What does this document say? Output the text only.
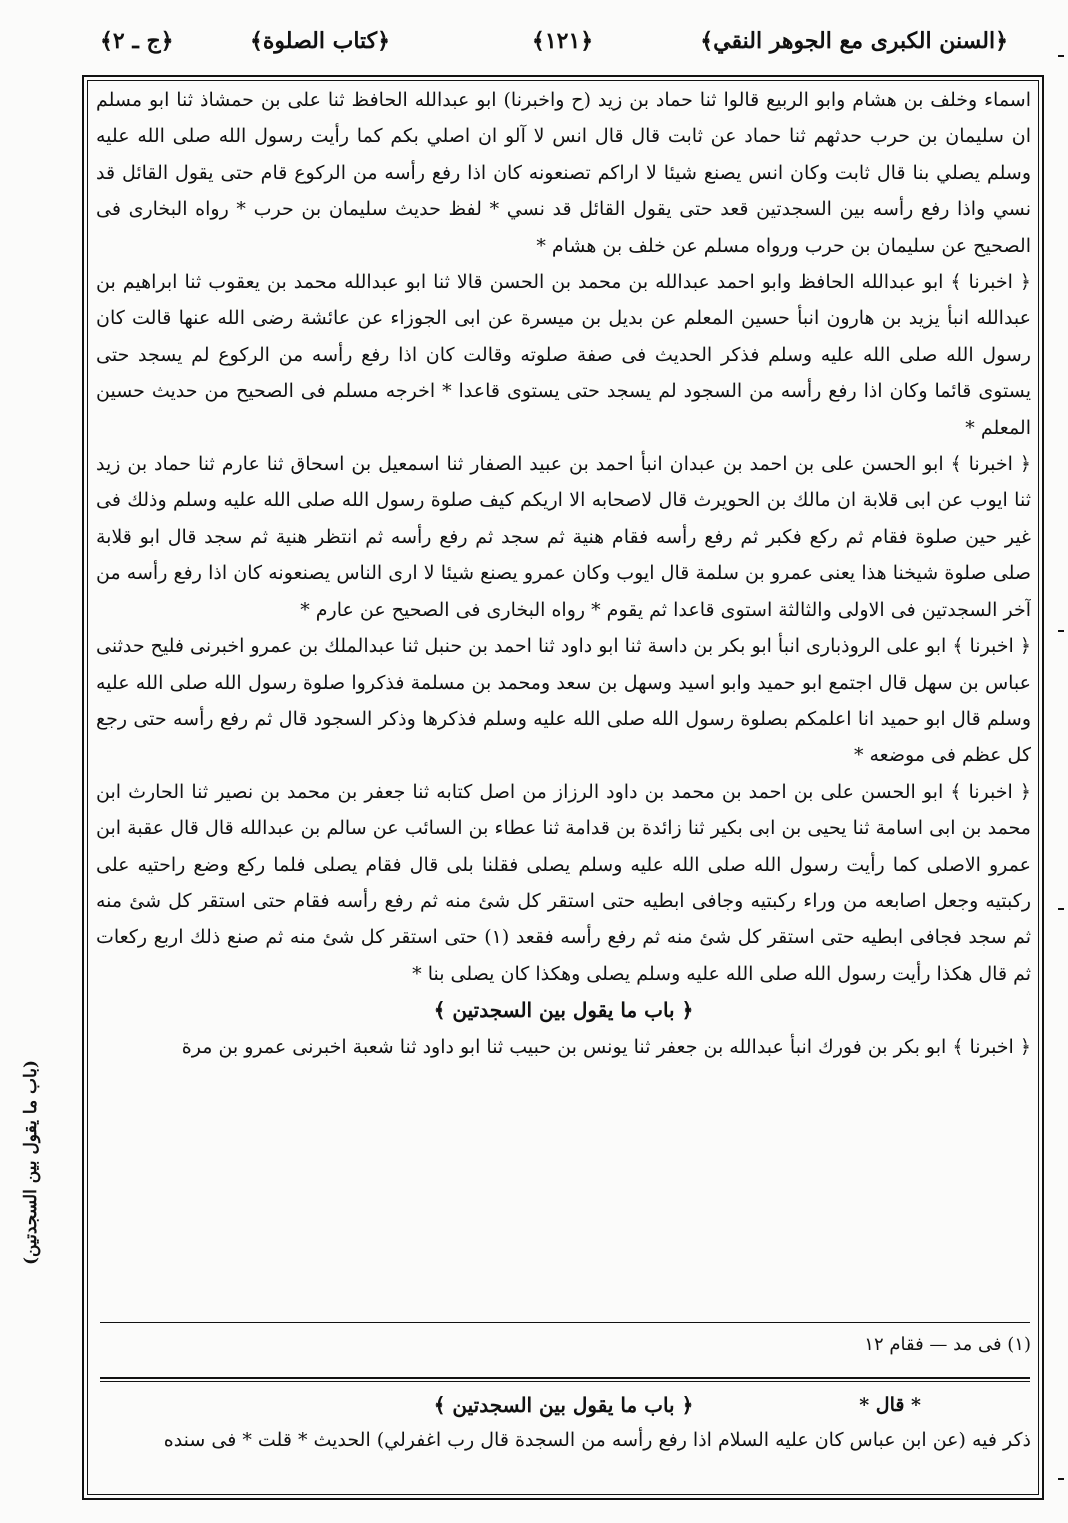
﴿السنن الكبرى مع الجوهر النقي﴾
﴿١٢١﴾
﴿كتاب الصلوة﴾
﴿ج ـ ٢﴾

اسماء وخلف بن هشام وابو الربيع قالوا ثنا حماد بن زيد (ح واخبرنا) ابو عبدالله الحافظ ثنا على بن حمشاذ ثنا ابو مسلم ان سليمان بن حرب حدثهم ثنا حماد عن ثابت قال قال انس لا آلو ان اصلي بكم كما رأيت رسول الله صلى الله عليه وسلم يصلي بنا قال ثابت وكان انس يصنع شيئا لا اراكم تصنعونه كان اذا رفع رأسه من الركوع قام حتى يقول القائل قد نسي واذا رفع رأسه بين السجدتين قعد حتى يقول القائل قد نسي * لفظ حديث سليمان بن حرب * رواه البخارى فى الصحيح عن سليمان بن حرب ورواه مسلم عن خلف بن هشام *

﴿ اخبرنا ﴾ ابو عبدالله الحافظ وابو احمد عبدالله بن محمد بن الحسن قالا ثنا ابو عبدالله محمد بن يعقوب ثنا ابراهيم بن عبدالله انبأ يزيد بن هارون انبأ حسين المعلم عن بديل بن ميسرة عن ابى الجوزاء عن عائشة رضى الله عنها قالت كان رسول الله صلى الله عليه وسلم فذكر الحديث فى صفة صلوته وقالت كان اذا رفع رأسه من الركوع لم يسجد حتى يستوى قائما وكان اذا رفع رأسه من السجود لم يسجد حتى يستوى قاعدا * اخرجه مسلم فى الصحيح من حديث حسين المعلم *

﴿ اخبرنا ﴾ ابو الحسن على بن احمد بن عبدان انبأ احمد بن عبيد الصفار ثنا اسمعيل بن اسحاق ثنا عارم ثنا حماد بن زيد ثنا ايوب عن ابى قلابة ان مالك بن الحويرث قال لاصحابه الا اريكم كيف صلوة رسول الله صلى الله عليه وسلم وذلك فى غير حين صلوة فقام ثم ركع فكبر ثم رفع رأسه فقام هنية ثم سجد ثم رفع رأسه ثم انتظر هنية ثم سجد قال ابو قلابة صلى صلوة شيخنا هذا يعنى عمرو بن سلمة قال ايوب وكان عمرو يصنع شيئا لا ارى الناس يصنعونه كان اذا رفع رأسه من آخر السجدتين فى الاولى والثالثة استوى قاعدا ثم يقوم * رواه البخارى فى الصحيح عن عارم *

﴿ اخبرنا ﴾ ابو على الروذبارى انبأ ابو بكر بن داسة ثنا ابو داود ثنا احمد بن حنبل ثنا عبدالملك بن عمرو اخبرنى فليح حدثنى عباس بن سهل قال اجتمع ابو حميد وابو اسيد وسهل بن سعد ومحمد بن مسلمة فذكروا صلوة رسول الله صلى الله عليه وسلم قال ابو حميد انا اعلمكم بصلوة رسول الله صلى الله عليه وسلم فذكرها وذكر السجود قال ثم رفع رأسه حتى رجع كل عظم فى موضعه *

﴿ اخبرنا ﴾ ابو الحسن على بن احمد بن محمد بن داود الرزاز من اصل كتابه ثنا جعفر بن محمد بن نصير ثنا الحارث ابن محمد بن ابى اسامة ثنا يحيى بن ابى بكير ثنا زائدة بن قدامة ثنا عطاء بن السائب عن سالم بن عبدالله قال قال عقبة ابن عمرو الاصلى كما رأيت رسول الله صلى الله عليه وسلم يصلى فقلنا بلى قال فقام يصلى فلما ركع وضع راحتيه على ركبتيه وجعل اصابعه من وراء ركبتيه وجافى ابطيه حتى استقر كل شئ منه ثم رفع رأسه فقام حتى استقر كل شئ منه ثم سجد فجافى ابطيه حتى استقر كل شئ منه ثم رفع رأسه فقعد (١) حتى استقر كل شئ منه ثم صنع ذلك اربع ركعات ثم قال هكذا رأيت رسول الله صلى الله عليه وسلم يصلى وهكذا كان يصلى بنا *

﴿ باب ما يقول بين السجدتين ﴾

﴿ اخبرنا ﴾ ابو بكر بن فورك انبأ عبدالله بن جعفر ثنا يونس بن حبيب ثنا ابو داود ثنا شعبة اخبرنى عمرو بن مرة

(١) فى مد — فقام ١٢
* قال *
﴿ باب ما يقول بين السجدتين ﴾
ذكر فيه (عن ابن عباس كان عليه السلام اذا رفع رأسه من السجدة قال رب اغفرلي) الحديث * قلت * فى سنده
(باب ما يقول بين السجدتين)
